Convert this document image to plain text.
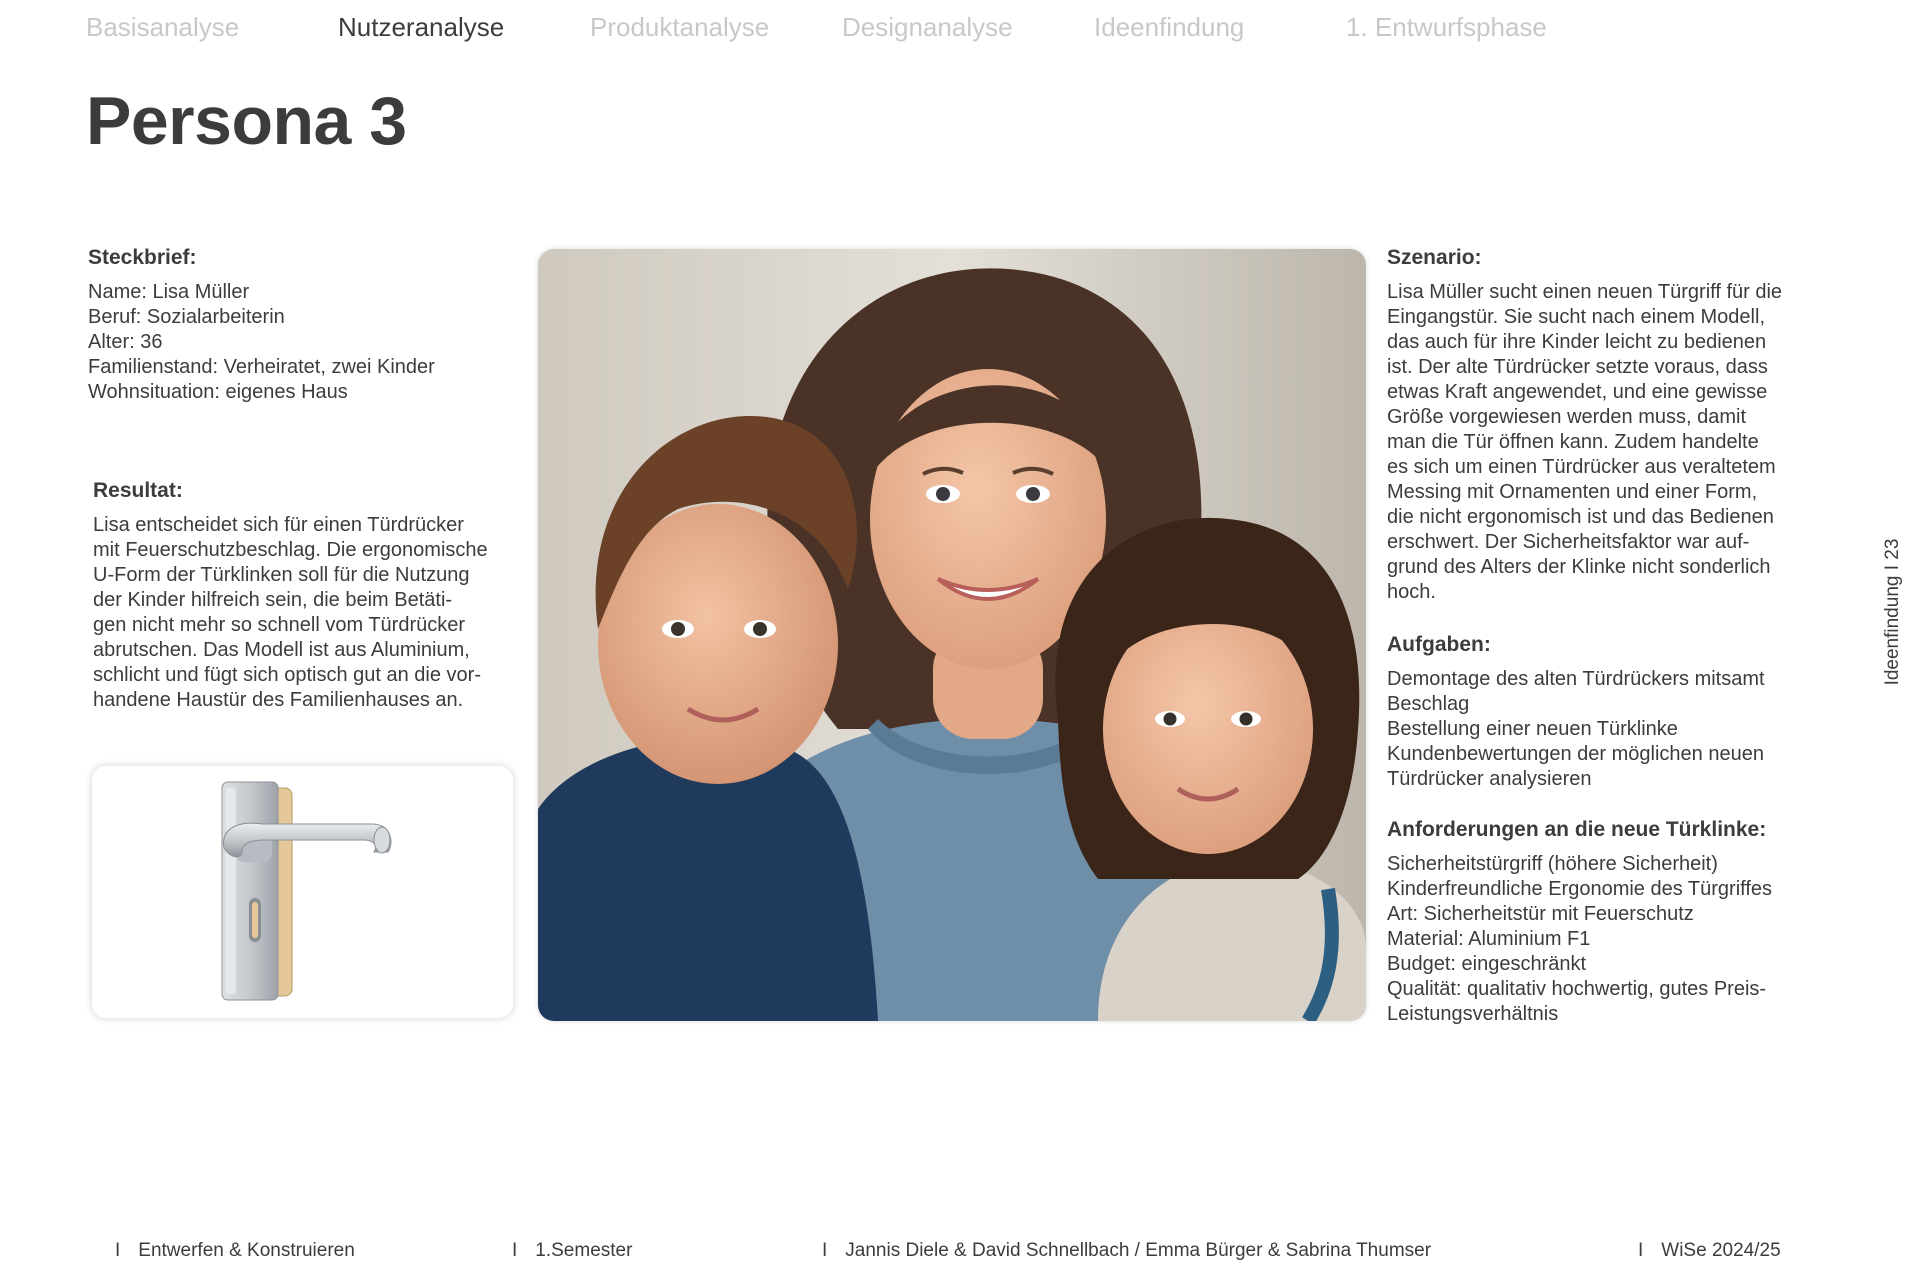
Basisanalyse	Nutzeranalyse	Produktanalyse	Designanalyse	Ideenfindung	1. Entwurfsphase
Persona 3
Steckbrief:
Name: Lisa Müller
Beruf: Sozialarbeiterin
Alter: 36
Familienstand: Verheiratet, zwei Kinder
Wohnsituation: eigenes Haus
Resultat:
Lisa entscheidet sich für einen Türdrücker
mit Feuerschutzbeschlag. Die ergonomische
U-Form der Türklinken soll für die Nutzung
der Kinder hilfreich sein, die beim Betäti-
gen nicht mehr so schnell vom Türdrücker
abrutschen. Das Modell ist aus Aluminium,
schlicht und fügt sich optisch gut an die vor-
handene Haustür des Familienhauses an.
Szenario:
Lisa Müller sucht einen neuen Türgriff für die
Eingangstür. Sie sucht nach einem Modell,
das auch für ihre Kinder leicht zu bedienen
ist. Der alte Türdrücker setzte voraus, dass
etwas Kraft angewendet, und eine gewisse
Größe vorgewiesen werden muss, damit
man die Tür öffnen kann. Zudem handelte
es sich um einen Türdrücker aus veraltetem
Messing mit Ornamenten und einer Form,
die nicht ergonomisch ist und das Bedienen
erschwert. Der Sicherheitsfaktor war auf-
grund des Alters der Klinke nicht sonderlich
hoch.
Aufgaben:
Demontage des alten Türdrückers mitsamt
Beschlag
Bestellung einer neuen Türklinke
Kundenbewertungen der möglichen neuen
Türdrücker analysieren
Anforderungen an die neue Türklinke:
Sicherheitstürgriff (höhere Sicherheit)
Kinderfreundliche Ergonomie des Türgriffes
Art: Sicherheitstür mit Feuerschutz
Material: Aluminium F1
Budget: eingeschränkt
Qualität: qualitativ hochwertig, gutes Preis-
Leistungsverhältnis
Ideenfindung I 23
I Entwerfen & Konstruieren	I 1.Semester	I Jannis Diele & David Schnellbach / Emma Bürger & Sabrina Thumser	I WiSe 2024/25
